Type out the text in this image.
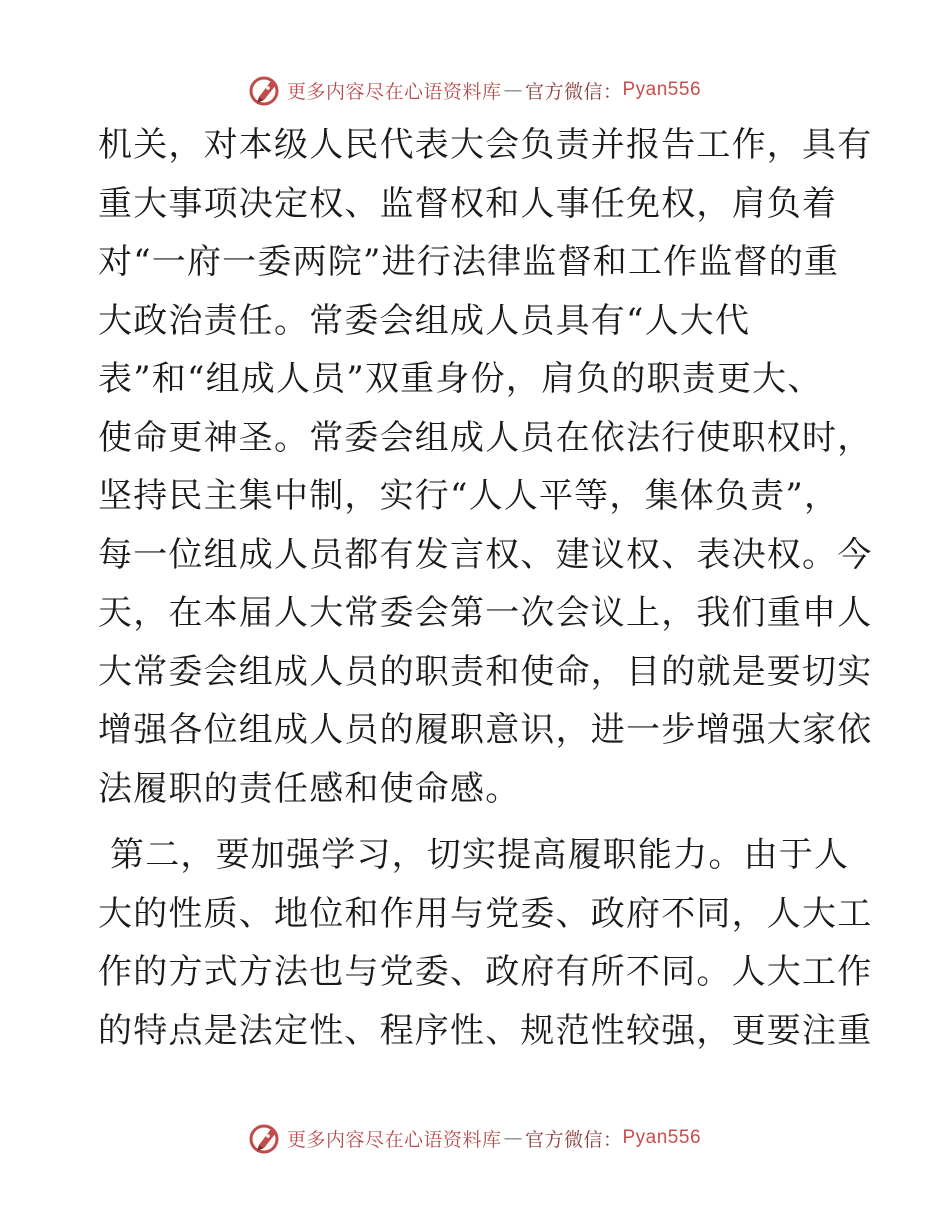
更多内容尽在心语资料库 — 官方微信： Pyan556

机关，对本级人民代表大会负责并报告工作，具有
重大事项决定权、监督权和人事任免权，肩负着
对“一府一委两院”进行法律监督和工作监督的重
大政治责任。常委会组成人员具有“人大代
表”和“组成人员”双重身份，肩负的职责更大、
使命更神圣。常委会组成人员在依法行使职权时，
坚持民主集中制，实行“人人平等，集体负责”，
每一位组成人员都有发言权、建议权、表决权。今
天，在本届人大常委会第一次会议上，我们重申人
大常委会组成人员的职责和使命，目的就是要切实
增强各位组成人员的履职意识，进一步增强大家依
法履职的责任感和使命感。

第二，要加强学习，切实提高履职能力。由于人
大的性质、地位和作用与党委、政府不同，人大工
作的方式方法也与党委、政府有所不同。人大工作
的特点是法定性、程序性、规范性较强，更要注重

更多内容尽在心语资料库 — 官方微信： Pyan556
